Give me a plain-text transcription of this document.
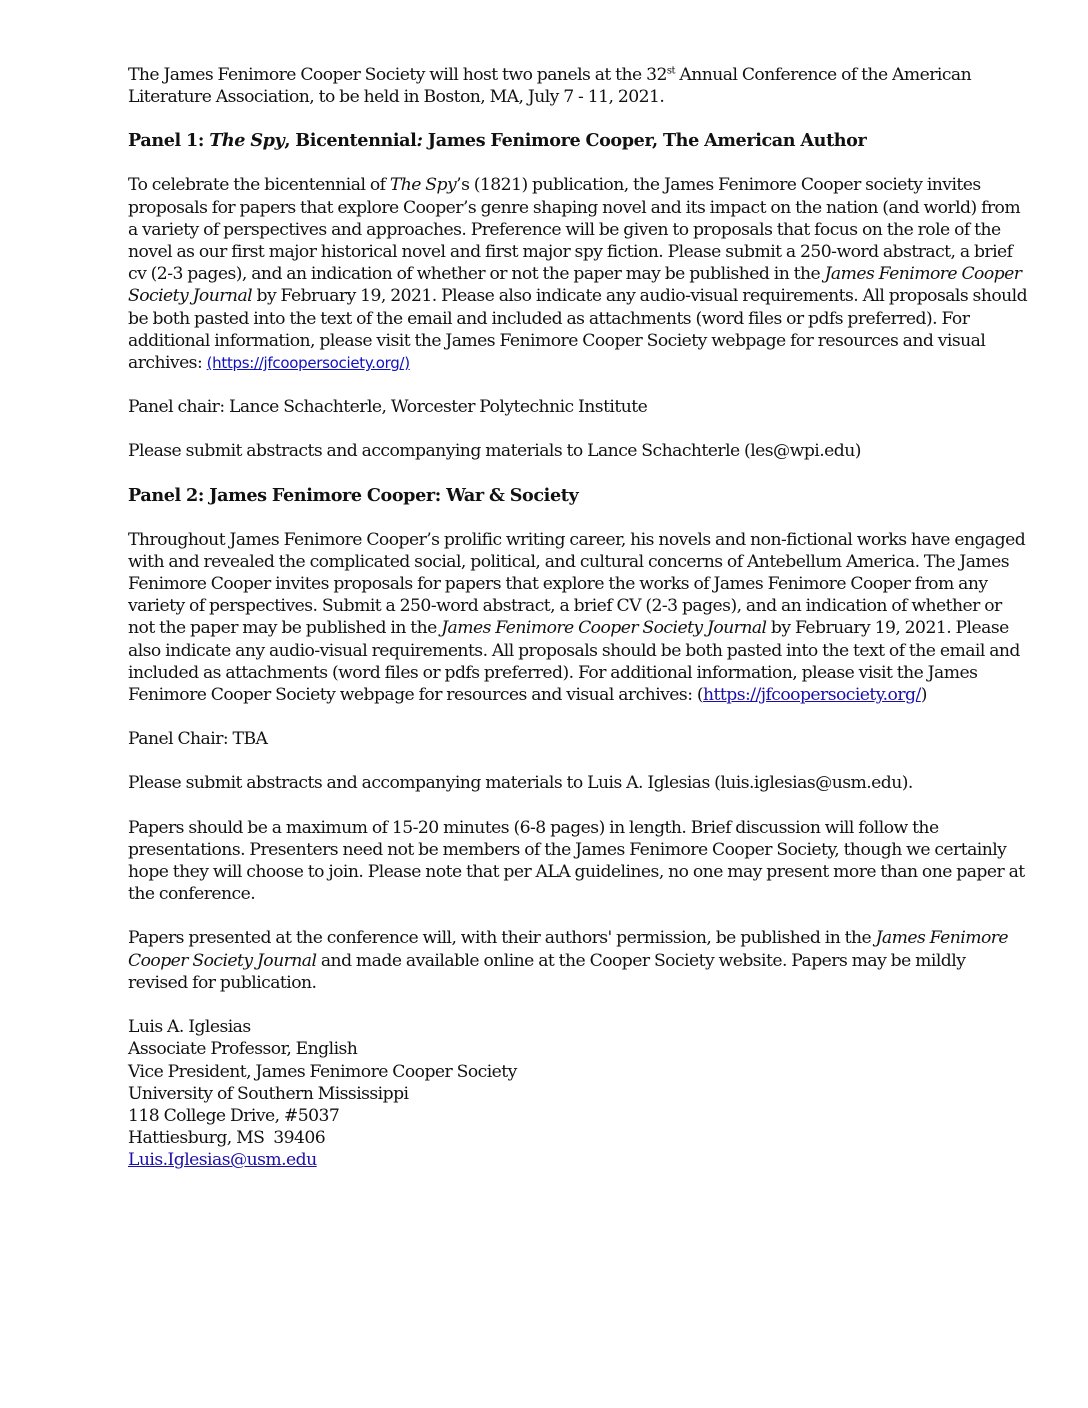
The James Fenimore Cooper Society will host two panels at the 32st Annual Conference of the American Literature Association, to be held in Boston, MA, July 7 - 11, 2021.

Panel 1: The Spy, Bicentennial: James Fenimore Cooper, The American Author

To celebrate the bicentennial of The Spy’s (1821) publication, the James Fenimore Cooper society invites proposals for papers that explore Cooper’s genre shaping novel and its impact on the nation (and world) from a variety of perspectives and approaches. Preference will be given to proposals that focus on the role of the novel as our first major historical novel and first major spy fiction. Please submit a 250-word abstract, a brief cv (2-3 pages), and an indication of whether or not the paper may be published in the James Fenimore Cooper Society Journal by February 19, 2021. Please also indicate any audio-visual requirements. All proposals should be both pasted into the text of the email and included as attachments (word files or pdfs preferred). For additional information, please visit the James Fenimore Cooper Society webpage for resources and visual archives: (https://jfcoopersociety.org/)

Panel chair: Lance Schachterle, Worcester Polytechnic Institute

Please submit abstracts and accompanying materials to Lance Schachterle (les@wpi.edu)

Panel 2: James Fenimore Cooper: War & Society

Throughout James Fenimore Cooper’s prolific writing career, his novels and non-fictional works have engaged with and revealed the complicated social, political, and cultural concerns of Antebellum America. The James Fenimore Cooper invites proposals for papers that explore the works of James Fenimore Cooper from any variety of perspectives. Submit a 250-word abstract, a brief CV (2-3 pages), and an indication of whether or not the paper may be published in the James Fenimore Cooper Society Journal by February 19, 2021. Please also indicate any audio-visual requirements. All proposals should be both pasted into the text of the email and included as attachments (word files or pdfs preferred). For additional information, please visit the James Fenimore Cooper Society webpage for resources and visual archives: (https://jfcoopersociety.org/)

Panel Chair: TBA

Please submit abstracts and accompanying materials to Luis A. Iglesias (luis.iglesias@usm.edu).

Papers should be a maximum of 15-20 minutes (6-8 pages) in length. Brief discussion will follow the presentations. Presenters need not be members of the James Fenimore Cooper Society, though we certainly hope they will choose to join. Please note that per ALA guidelines, no one may present more than one paper at the conference.

Papers presented at the conference will, with their authors' permission, be published in the James Fenimore Cooper Society Journal and made available online at the Cooper Society website. Papers may be mildly revised for publication.

Luis A. Iglesias

Associate Professor, English

Vice President, James Fenimore Cooper Society

University of Southern Mississippi

118 College Drive, #5037

Hattiesburg, MS  39406

Luis.Iglesias@usm.edu
